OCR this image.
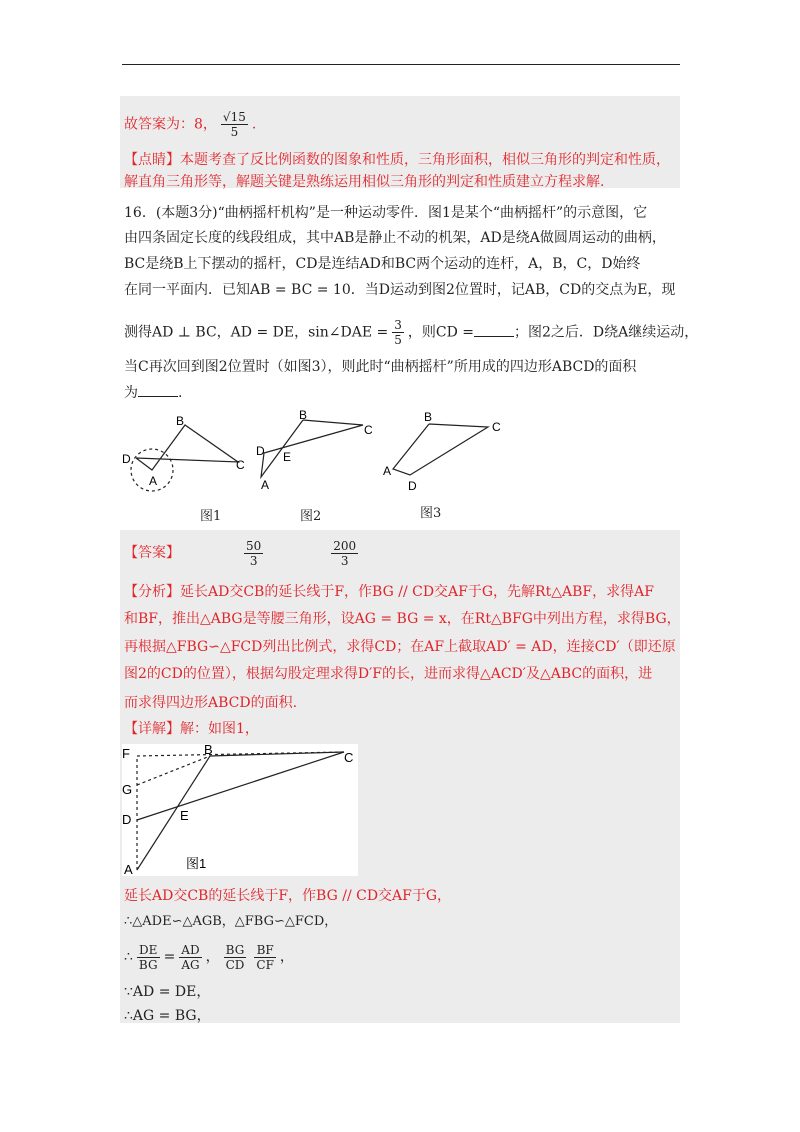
故答案为：8， $\frac{√15}{5}$ .
【点睛】本题考查了反比例函数的图象和性质，三角形面积，相似三角形的判定和性质，
解直角三角形等，解题关键是熟练运用相似三角形的判定和性质建立方程求解.
16．(本题3分)“曲柄摇杆机构”是一种运动零件．图1是某个“曲柄摇杆”的示意图，它
由四条固定长度的线段组成，其中AB是静止不动的机架，AD是绕A做圆周运动的曲柄，
BC是绕B上下摆动的摇杆，CD是连结AD和BC两个运动的连杆，A，B，C，D始终
在同一平面内．已知AB = BC = 10．当D运动到图2位置时，记AB，CD的交点为E，现
测得AD ⊥ BC，AD = DE，sin∠DAE = $\frac{3}{5}$ ，则CD =	；图2之后．D绕A继续运动，
当C再次回到图2位置时（如图3），则此时“曲柄摇杆”所用成的四边形ABCD的面积
为	.
B
D
A
C
B
C
D E
A
B
C
A
D
图1	图2	图3
【答案】	$\frac{50}{3}$	$\frac{200}{3}$
【分析】延长AD交CB的延长线于F，作BG // CD交AF于G，先解Rt△ABF，求得AF
和BF，推出△ABG是等腰三角形，设AG = BG = x，在Rt△BFG中列出方程，求得BG，
再根据△FBG∽△FCD列出比例式，求得CD；在AF上截取AD′ = AD，连接CD′（即还原
图2的CD的位置），根据勾股定理求得D′F的长，进而求得△ACD′及△ABC的面积，进
而求得四边形ABCD的面积.
【详解】解：如图1，
F	B
C
G
D	E
A	图1
延长AD交CB的延长线于F，作BG // CD交AF于G，
∴△ADE∽△AGB，△FBG∽△FCD，
∴ $\frac{DE}{BG} = \frac{AD}{AG}$ ， $\frac{BG}{CD} \frac{BF}{CF}$ ，
∵AD = DE，
∴AG = BG，
